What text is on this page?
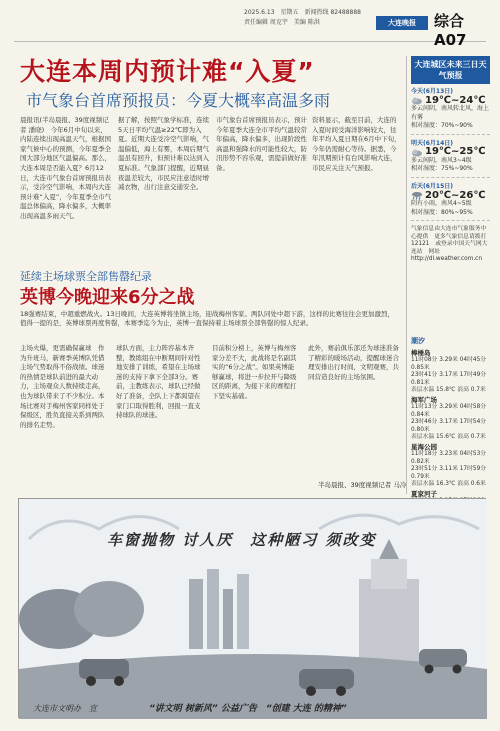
2025.6.13　星期五　新闻热线 82488888
责任编辑 周克宇　美编 陈洪	大连晚报	综合 A07
大连本周内预计难“入夏”
市气象台首席预报员：今夏大概率高温多雨
晨报讯(半岛晨报、39度视频记者 潘晓)　今年6月中旬以来，内陆连续出现高温天气，根据国家气候中心的预测，今年夏季全国大部分地区气温偏高。那么，大连本周是否能入夏？6月12日，大连市气象台首席预报员表示，受冷空气影响，本周内大连预计难“入夏”，今年夏季全市气温总体偏高，降水偏多，大概率出现高温多雨天气。
据了解，按照气象学标准，连续5天日平均气温≥22℃即为入夏。近期大连受冷空气影响，气温偏低，海上有雾，本周后期气温虽有回升，但预计难以达到入夏标准。气象部门提醒，近期昼夜温差较大，市民应注意适时增减衣物，出行注意交通安全。
市气象台首席预报员表示，预计今年夏季大连全市平均气温较常年偏高，降水偏多，出现阶段性高温和强降水的可能性较大，防汛形势不容乐观，需提前做好准备。
资料显示，截至目前，大连的入夏时间受海洋影响较大，往年平均入夏日期在6月中下旬，今年仍需耐心等待。据悉，今年汛期预计有台风影响大连，市民应关注天气预报。
大连城区未来三日天气预报
今天(6月13日)
19℃~24℃
多云间阴，南风转北风，海上有雾
相对湿度：70%~90%
明天(6月14日)
19℃~25℃
多云间阴，南风3~4级
相对湿度：75%~90%
后天(6月15日)
20℃~26℃
阴有小雨，南风4~5级
相对湿度：80%~95%
气象信息由大连市气象服务中心提供　更多气象信息请拨打 12121　或登录中国天气网大连站　网址 http://dl.weather.com.cn
潮汐
棒棰岛
11时08分 3.29米 04时45分 0.85米
23时41分 3.17米 17时49分 0.81米
表层水温 15.8℃ 浪高 0.7米
海军广场
11时13分 3.29米 04时58分 0.84米
23时46分 3.17米 17时54分 0.80米
表层水温 15.6℃ 浪高 0.7米
星海公园
11时18分 3.23米 04时53分 0.82米
23时51分 3.11米 17时59分 0.79米
表层水温 16.3℃ 浪高 0.6米
夏家河子
延续主场球票全部售罄纪录
英博今晚迎来6分之战
18强赛结束，中超重燃战火。13日晚间，大连英博将坐镇主场，迎战梅州客家。两队同处中超下游，这样的比赛往往会更加激烈，值得一提的是，英博球票再度售罄，本赛季迄今为止，英博一直保持着主场球票全部售罄的惊人纪录。
主场火爆，更需确保赢球　作为升班马，新赛季英博队凭借主场气势取得不俗战绩。球迷的热情是球队前进的最大动力，主场观众人数持续走高，也为球队带来了不少积分。本场比赛对手梅州客家同样处于保级区，胜负直接关系到两队的排名走势。
球队方面，主力阵容基本齐整，教练组在中断期间针对性地安排了训练，希望在主场球迷的支持下拿下全部3分。赛前，主教练表示，球队已经做好了准备，全队上下都渴望在家门口取得胜利，回报一直支持球队的球迷。
目前积分榜上，英博与梅州客家分差不大，此战将是名副其实的“6分之战”。如果英博能够赢球，将进一步拉开与降级区的距离，为接下来的赛程打下坚实基础。
此外，赛前俱乐部还为球迷准备了精彩的暖场活动，提醒球迷合理安排出行时间，文明观赛，共同营造良好的主场氛围。
半岛晨报、39度视频记者 马冷
车窗抛物 讨人厌　这种陋习 须改变
大连市文明办　宣	“讲文明 树新风” 公益广告　“创建 大连 的精神”
